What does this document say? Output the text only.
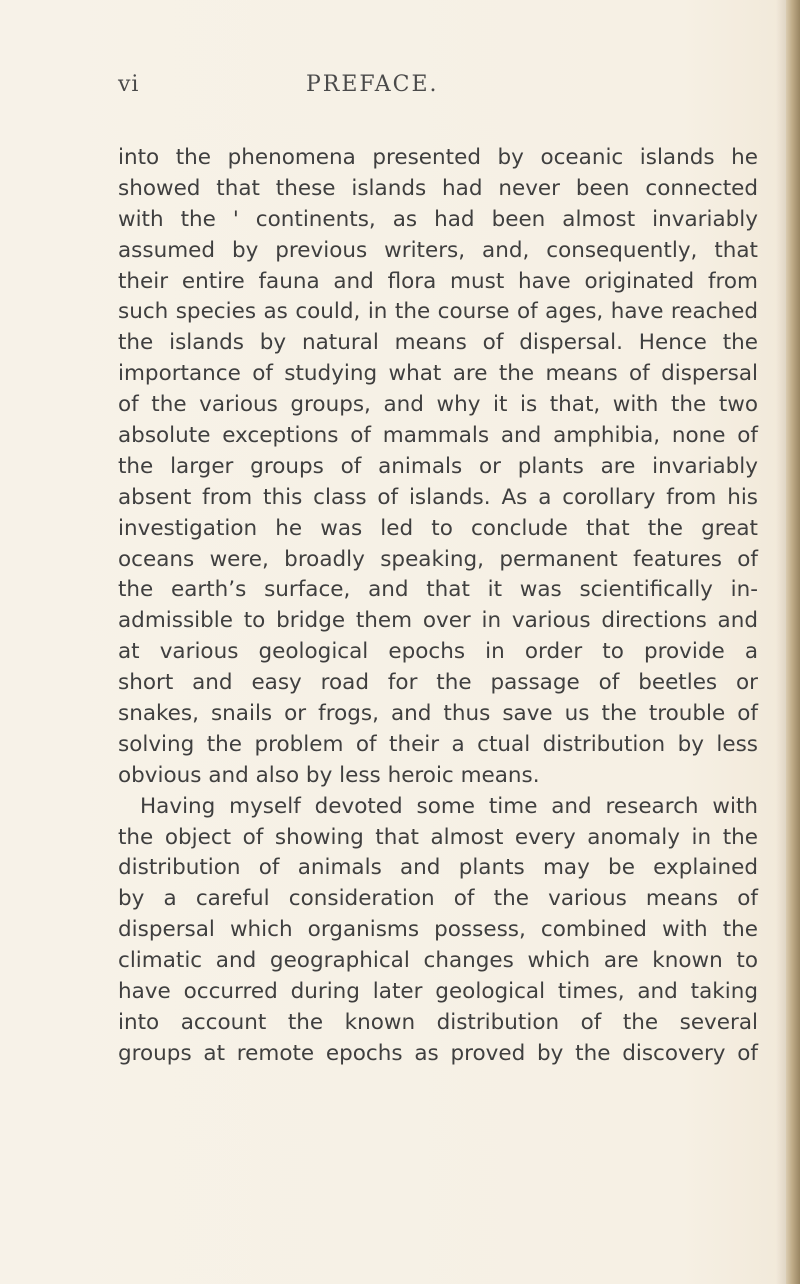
vi	PREFACE.
into the phenomena presented by oceanic islands he
showed that these islands had never been connected
with the ' continents, as had been almost invariably
assumed by previous writers, and, consequently, that
their entire fauna and flora must have originated from
such species as could, in the course of ages, have reached
the islands by natural means of dispersal. Hence the
importance of studying what are the means of dispersal
of the various groups, and why it is that, with the two
absolute exceptions of mammals and amphibia, none of
the larger groups of animals or plants are invariably
absent from this class of islands. As a corollary from his
investigation he was led to conclude that the great
oceans were, broadly speaking, permanent features of
the earth’s surface, and that it was scientifically in-
admissible to bridge them over in various directions and
at various geological epochs in order to provide a
short and easy road for the passage of beetles or
snakes, snails or frogs, and thus save us the trouble of
solving the problem of their a ctual distribution by less
obvious and also by less heroic means.
Having myself devoted some time and research with
the object of showing that almost every anomaly in the
distribution of animals and plants may be explained
by a careful consideration of the various means of
dispersal which organisms possess, combined with the
climatic and geographical changes which are known to
have occurred during later geological times, and taking
into account the known distribution of the several
groups at remote epochs as proved by the discovery of
